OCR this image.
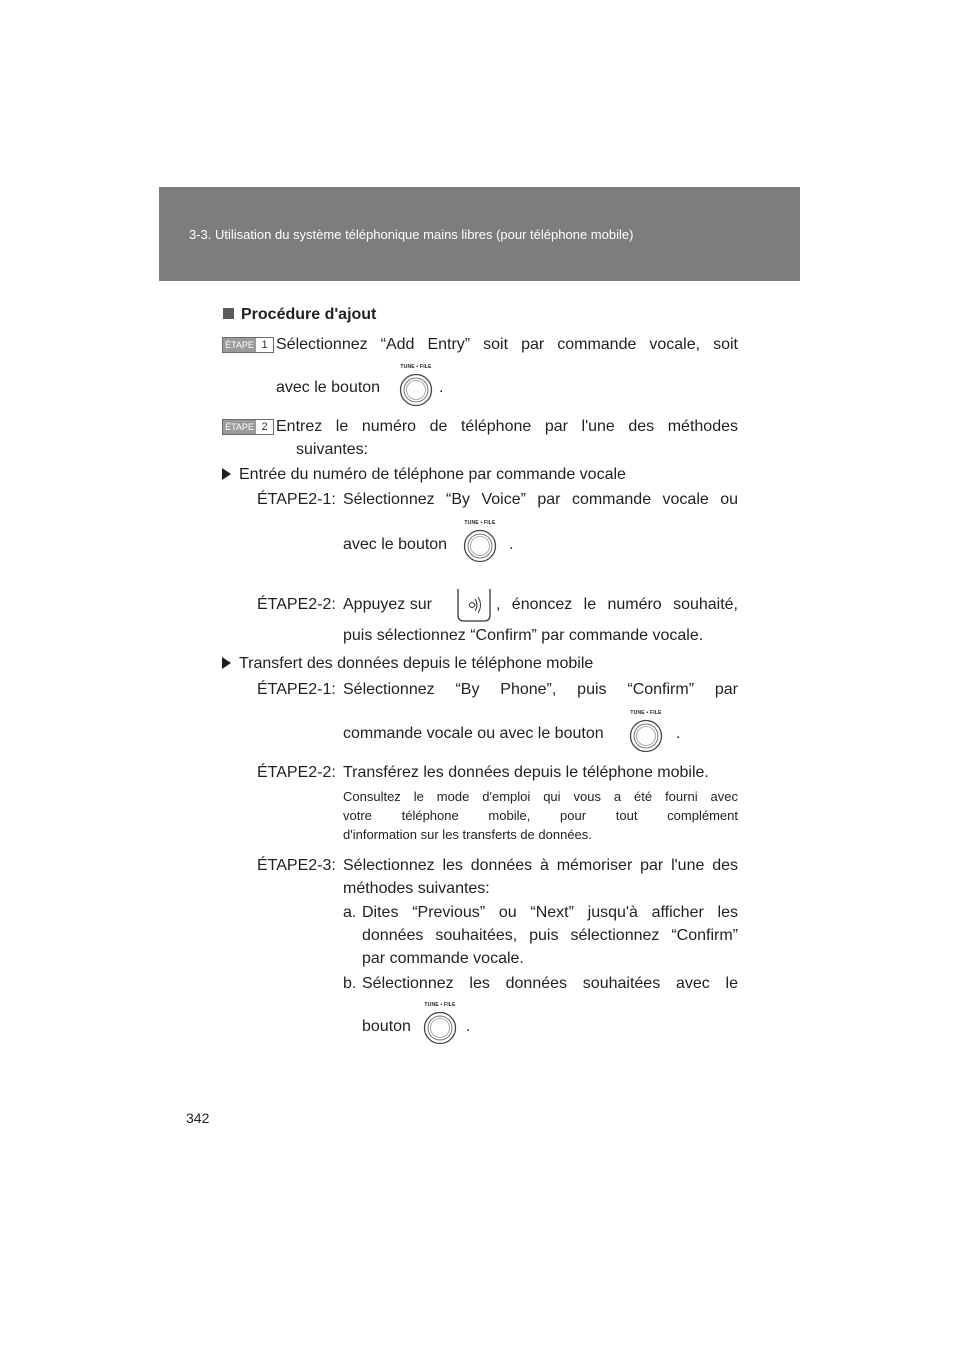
3-3. Utilisation du système téléphonique mains libres (pour téléphone mobile)
Procédure d'ajout
ÉTAPE 1 Sélectionnez “Add Entry” soit par commande vocale, soit
avec le bouton
TUNE • FILE
.
ÉTAPE 2 Entrez le numéro de téléphone par l'une des méthodes
suivantes:
Entrée du numéro de téléphone par commande vocale
ÉTAPE2-1: Sélectionnez “By Voice” par commande vocale ou
avec le bouton
TUNE • FILE
.
ÉTAPE2-2: Appuyez sur	, énoncez le numéro souhaité,
puis sélectionnez “Confirm” par commande vocale.
Transfert des données depuis le téléphone mobile
ÉTAPE2-1: Sélectionnez “By Phone”, puis “Confirm” par
commande vocale ou avec le bouton
TUNE • FILE
.
ÉTAPE2-2: Transférez les données depuis le téléphone mobile.
Consultez le mode d'emploi qui vous a été fourni avec
votre téléphone mobile, pour tout complément
d'information sur les transferts de données.
ÉTAPE2-3: Sélectionnez les données à mémoriser par l'une des
méthodes suivantes:
a. Dites “Previous” ou “Next” jusqu'à afficher les
données souhaitées, puis sélectionnez “Confirm”
par commande vocale.
b. Sélectionnez les données souhaitées avec le
bouton
TUNE • FILE
.
342
